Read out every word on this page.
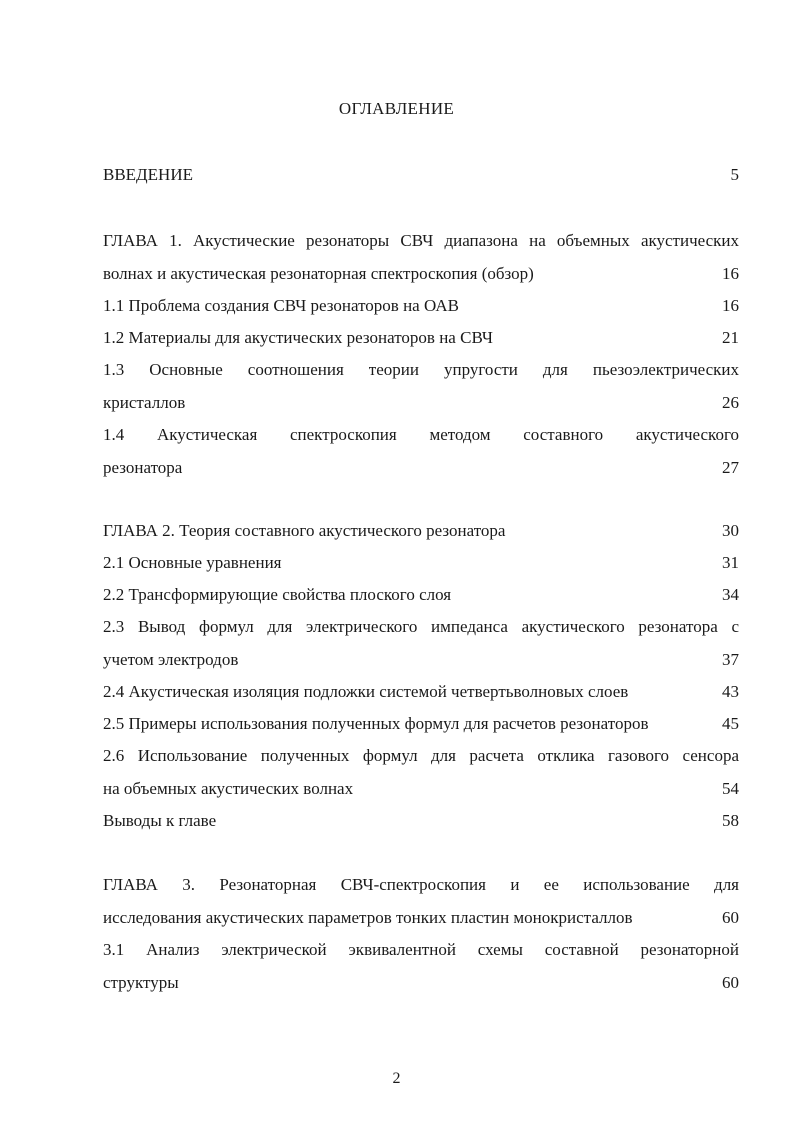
ОГЛАВЛЕНИЕ
ВВЕДЕНИЕ	5
ГЛАВА 1. Акустические резонаторы СВЧ диапазона на объемных акустических
волнах и акустическая резонаторная спектроскопия (обзор)	16
1.1 Проблема создания СВЧ резонаторов на ОАВ	16
1.2 Материалы для акустических резонаторов на СВЧ	21
1.3 Основные соотношения теории упругости для пьезоэлектрических
кристаллов	26
1.4 Акустическая спектроскопия методом составного акустического
резонатора	27
ГЛАВА 2. Теория составного акустического резонатора	30
2.1 Основные уравнения	31
2.2 Трансформирующие свойства плоского слоя	34
2.3 Вывод формул для электрического импеданса акустического резонатора с
учетом электродов	37
2.4 Акустическая изоляция подложки системой четвертьволновых слоев	43
2.5 Примеры использования полученных формул для расчетов резонаторов	45
2.6 Использование полученных формул для расчета отклика газового сенсора
на объемных акустических волнах	54
Выводы к главе	58
ГЛАВА 3. Резонаторная СВЧ-спектроскопия и ее использование для
исследования акустических параметров тонких пластин монокристаллов	60
3.1 Анализ электрической эквивалентной схемы составной резонаторной
структуры	60
2
